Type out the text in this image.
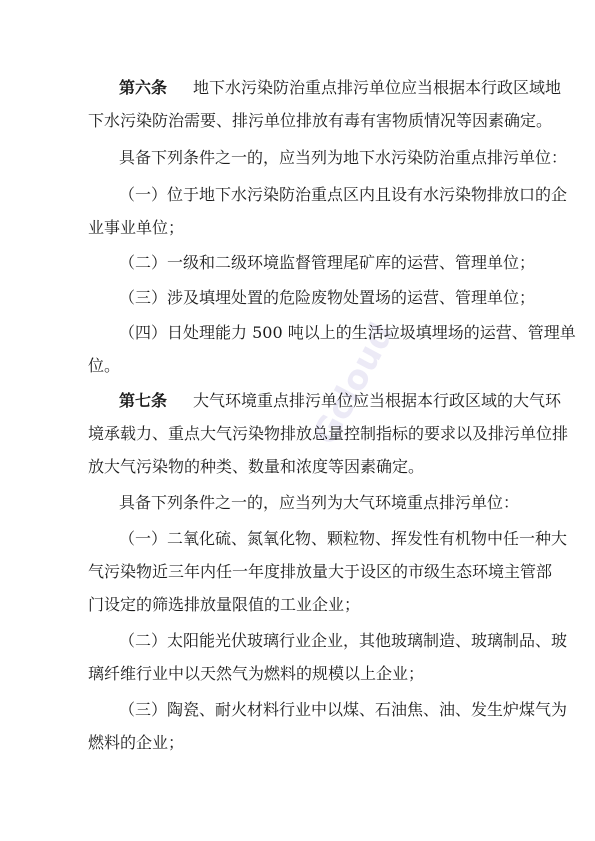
Gcloud
第六条 地下水污染防治重点排污单位应当根据本行政区域地
下水污染防治需要、排污单位排放有毒有害物质情况等因素确定。
具备下列条件之一的，应当列为地下水污染防治重点排污单位：
（一）位于地下水污染防治重点区内且设有水污染物排放口的企
业事业单位；
（二）一级和二级环境监督管理尾矿库的运营、管理单位；
（三）涉及填埋处置的危险废物处置场的运营、管理单位；
（四）日处理能力 500 吨以上的生活垃圾填埋场的运营、管理单
位。
第七条 大气环境重点排污单位应当根据本行政区域的大气环
境承载力、重点大气污染物排放总量控制指标的要求以及排污单位排
放大气污染物的种类、数量和浓度等因素确定。
具备下列条件之一的，应当列为大气环境重点排污单位：
（一）二氧化硫、氮氧化物、颗粒物、挥发性有机物中任一种大
气污染物近三年内任一年度排放量大于设区的市级生态环境主管部
门设定的筛选排放量限值的工业企业；
（二）太阳能光伏玻璃行业企业，其他玻璃制造、玻璃制品、玻
璃纤维行业中以天然气为燃料的规模以上企业；
（三）陶瓷、耐火材料行业中以煤、石油焦、油、发生炉煤气为
燃料的企业；
